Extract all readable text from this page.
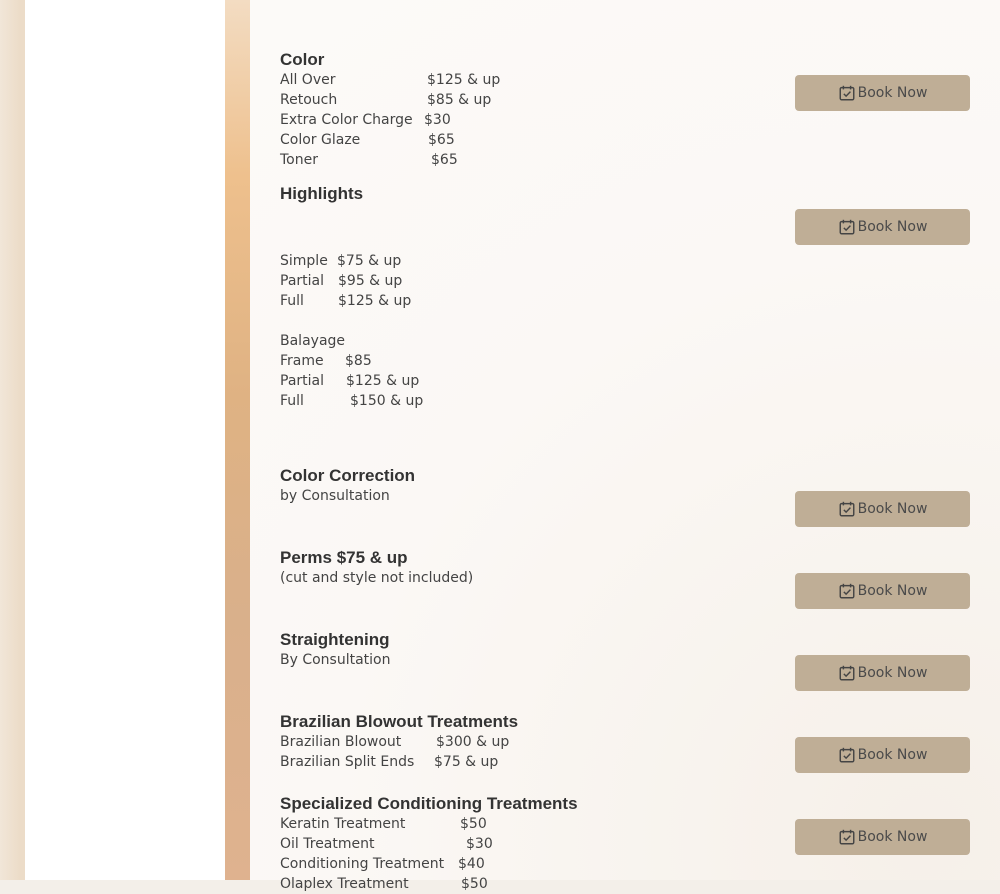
Color
All Over	$125 & up
Retouch	$85 & up
Extra Color Charge $30
Color Glaze	$65
Toner	$65
Book Now
Highlights
Simple $75 & up
Partial $95 & up
Full $125 & up
Balayage
Frame $85
Partial $125 & up
Full	$150 & up
Book Now
Color Correction
by Consultation
Book Now
Perms $75 & up
(cut and style not included)
Book Now
Straightening
By Consultation
Book Now
Brazilian Blowout Treatments
Brazilian Blowout $300 & up
Brazilian Split Ends $75 & up	Book Now
Specialized Conditioning Treatments
Keratin Treatment	$50
Oil Treatment	$30
Conditioning Treatment $40
Olaplex Treatment	$50
Book Now
